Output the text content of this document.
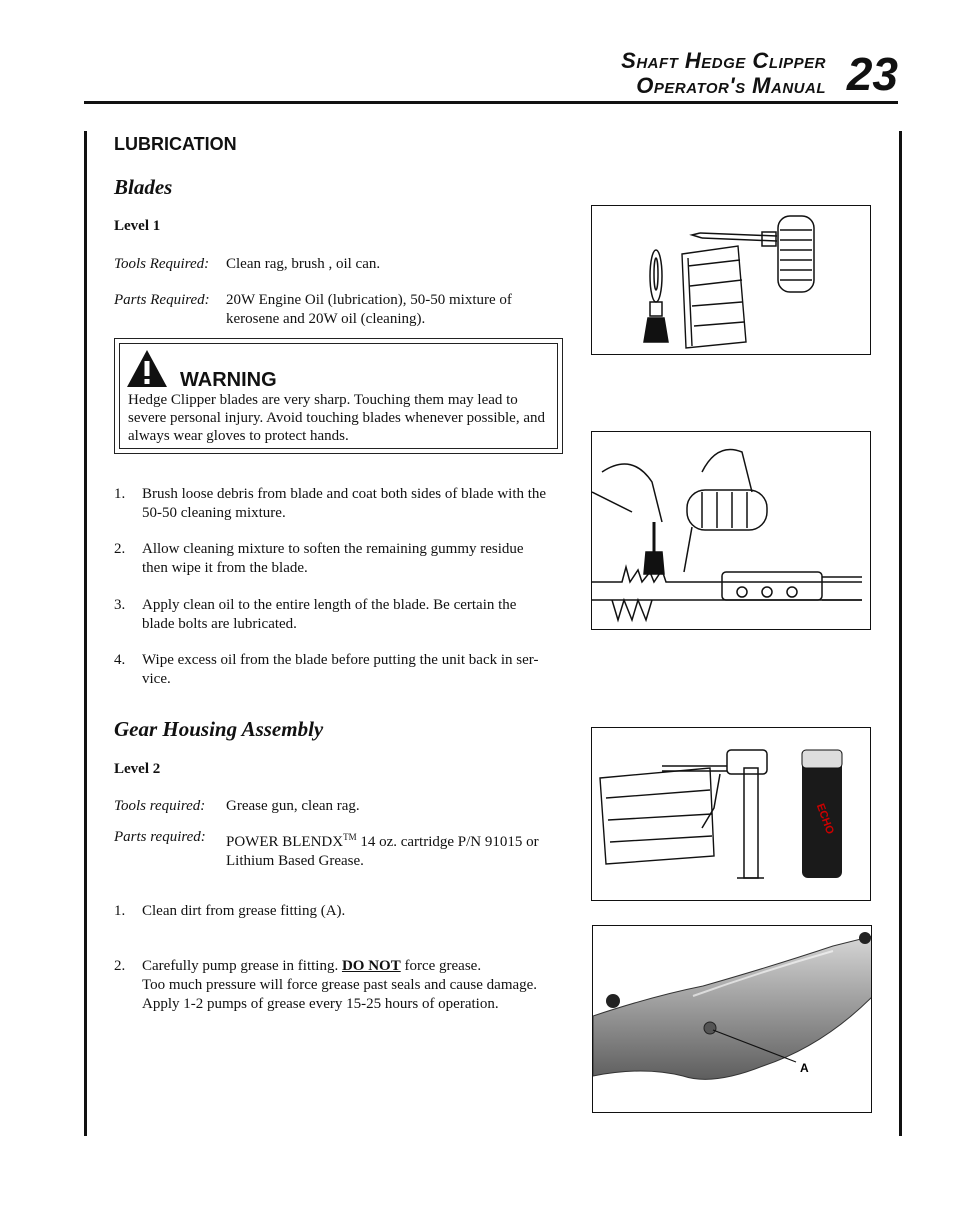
Shaft Hedge Clipper
Operator's Manual 23
LUBRICATION
Blades
Level 1
Tools Required: Clean rag, brush , oil can.
Parts Required: 20W Engine Oil (lubrication), 50-50 mixture of kerosene and 20W oil (cleaning).
WARNING
Hedge Clipper blades are very sharp. Touching them may lead to severe personal injury. Avoid touching blades whenever possible, and always wear gloves to protect hands.
1. Brush loose debris from blade and coat both sides of blade with the 50-50 cleaning mixture.
2. Allow cleaning mixture to soften the remaining gummy residue then wipe it from the blade.
3. Apply clean oil to the entire length of the blade. Be certain the blade bolts are lubricated.
4. Wipe excess oil from the blade before putting the unit back in ser-vice.
Gear Housing Assembly
Level 2
Tools required: Grease gun, clean rag.
Parts required: POWER BLENDX™ 14 oz. cartridge P/N 91015 or Lithium Based Grease.
1. Clean dirt from grease fitting (A).
2. Carefully pump grease in fitting. DO NOT force grease.
Too much pressure will force grease past seals and cause damage.
Apply 1-2 pumps of grease every 15-25 hours of operation.
ECHO
A
